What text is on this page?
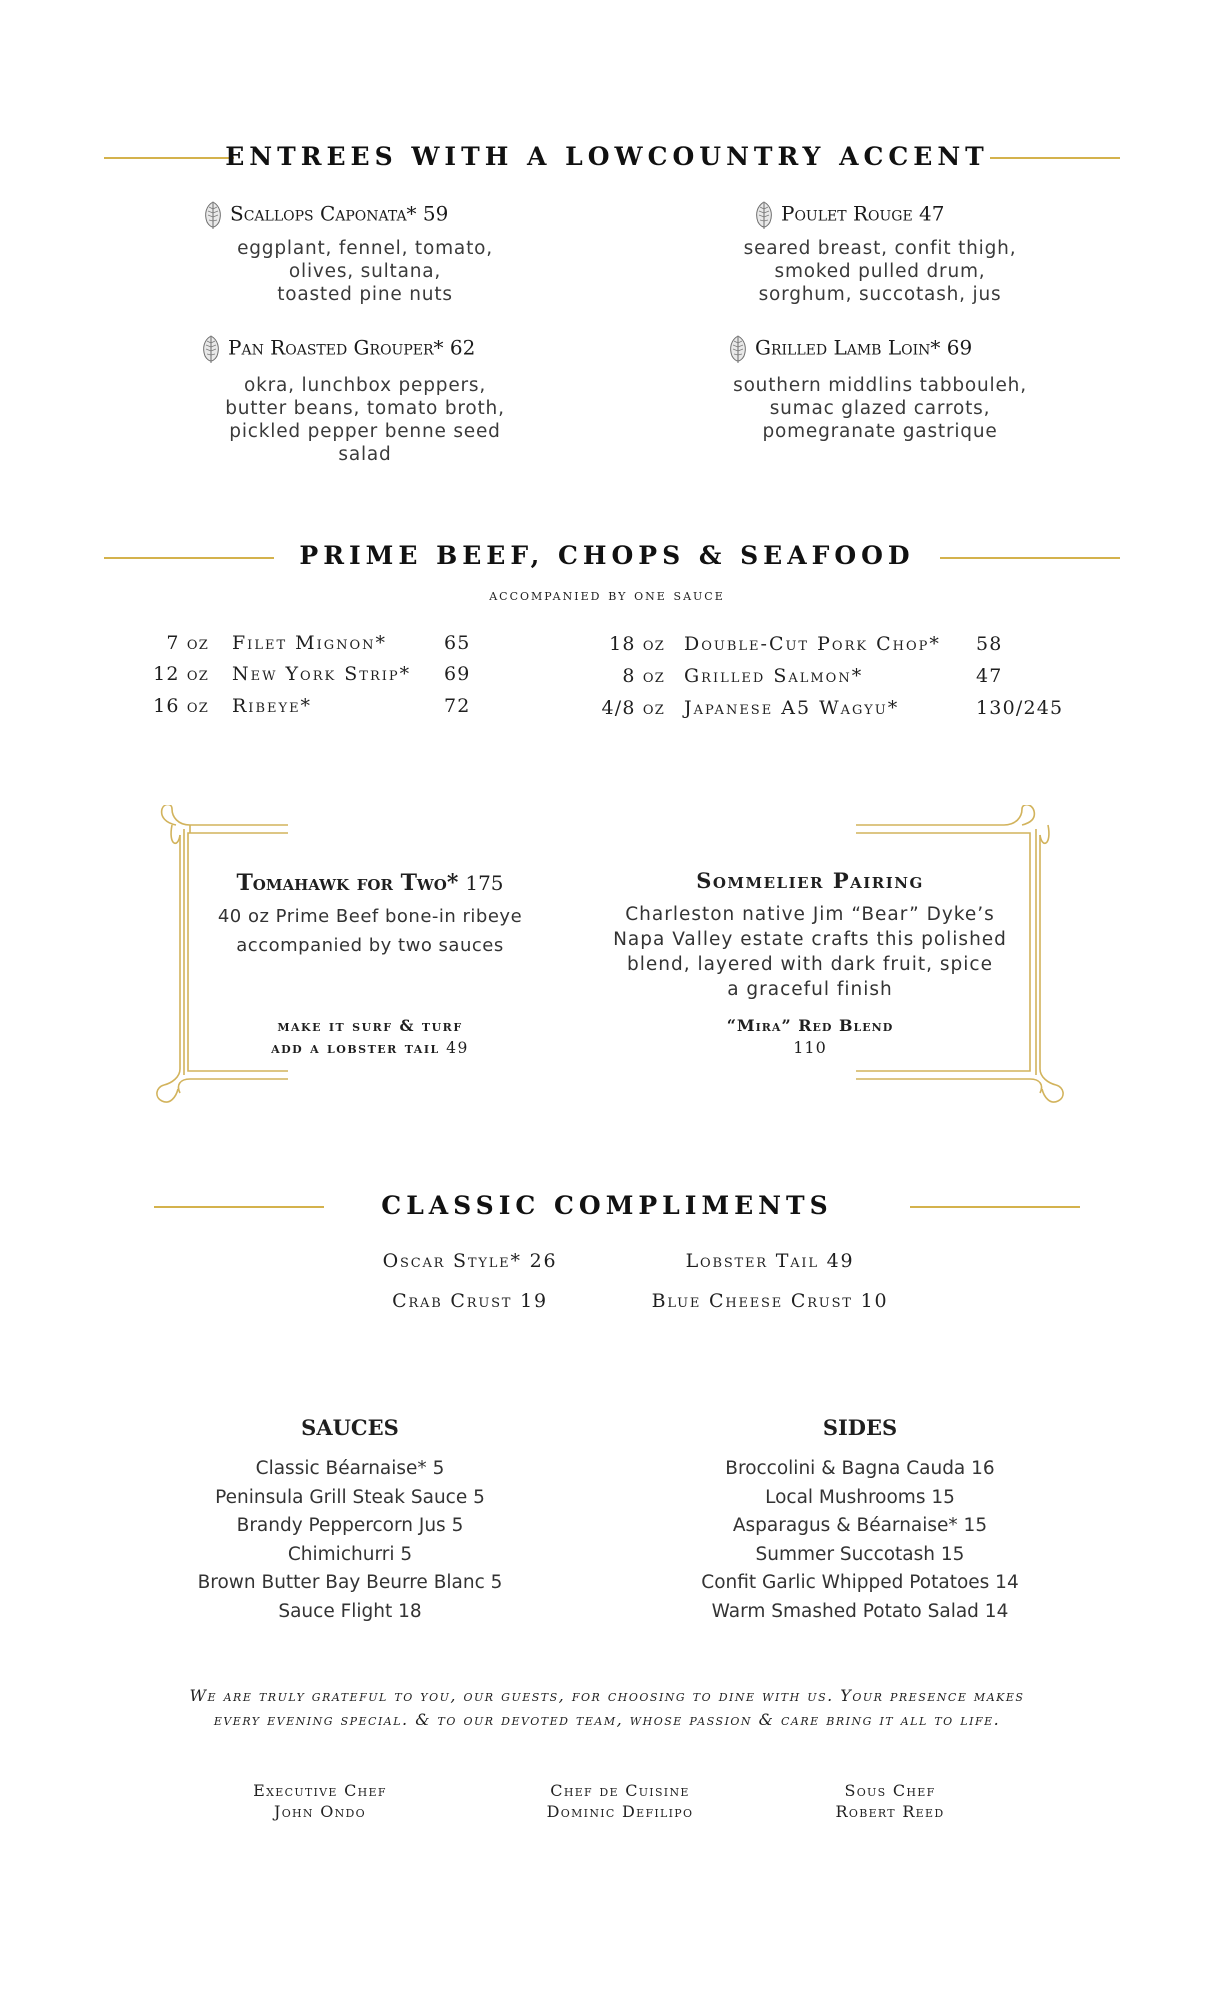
ENTREES WITH A LOWCOUNTRY ACCENT
Scallops Caponata* 59
eggplant, fennel, tomato,
olives, sultana,
toasted pine nuts
Poulet Rouge 47
seared breast, confit thigh,
smoked pulled drum,
sorghum, succotash, jus
Pan Roasted Grouper* 62
okra, lunchbox peppers,
butter beans, tomato broth,
pickled pepper benne seed
salad
Grilled Lamb Loin* 69
southern middlins tabbouleh,
sumac glazed carrots,
pomegranate gastrique
PRIME BEEF, CHOPS & SEAFOOD
accompanied by one sauce
7 oz Filet Mignon*	65
12 oz New York Strip* 69
16 oz Ribeye*	72
18 oz Double-Cut Pork Chop* 58
8 oz Grilled Salmon*	47
4/8 oz Japanese A5 Wagyu*	130/245
Tomahawk for Two* 175
40 oz Prime Beef bone-in ribeye
accompanied by two sauces
make it surf & turf
add a lobster tail 49
Sommelier Pairing
Charleston native Jim “Bear” Dyke’s
Napa Valley estate crafts this polished
blend, layered with dark fruit, spice
a graceful finish
“Mira” Red Blend
110
CLASSIC COMPLIMENTS
Oscar Style* 26	Lobster Tail 49
Crab Crust 19	Blue Cheese Crust 10
SAUCES
Classic Béarnaise* 5
Peninsula Grill Steak Sauce 5
Brandy Peppercorn Jus 5
Chimichurri 5
Brown Butter Bay Beurre Blanc 5
Sauce Flight 18
SIDES
Broccolini & Bagna Cauda 16
Local Mushrooms 15
Asparagus & Béarnaise* 15
Summer Succotash 15
Confit Garlic Whipped Potatoes 14
Warm Smashed Potato Salad 14
We are truly grateful to you, our guests, for choosing to dine with us. Your presence makes
every evening special. & to our devoted team, whose passion & care bring it all to life.
Executive Chef
John Ondo
Chef de Cuisine
Dominic Defilipo
Sous Chef
Robert Reed
